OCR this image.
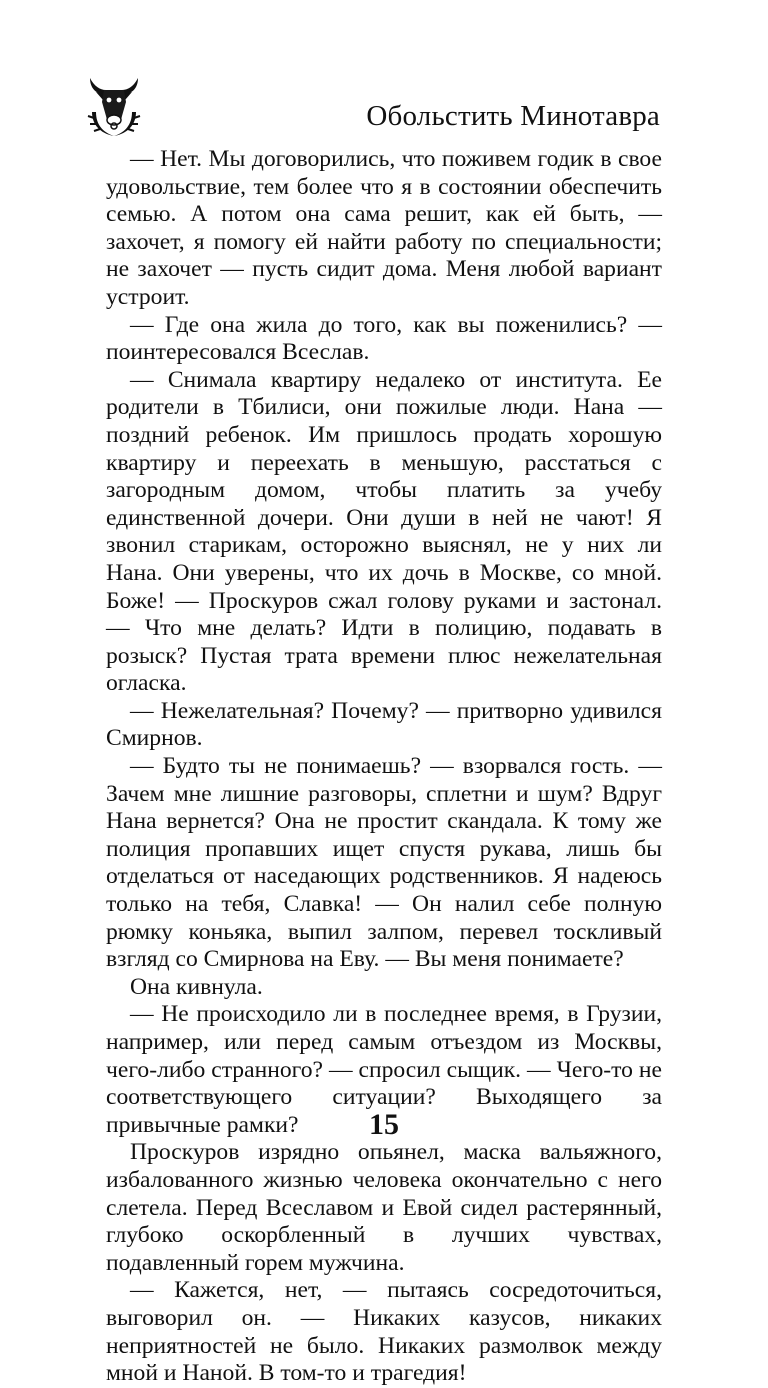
Обольстить Минотавра

— Нет. Мы договорились, что поживем годик в свое удовольствие, тем более что я в состоянии обеспечить семью. А потом она сама решит, как ей быть, — захочет, я помогу ей найти работу по специальности; не захочет — пусть сидит дома. Меня любой вариант устроит.

— Где она жила до того, как вы поженились? — поинтересовался Всеслав.

— Снимала квартиру недалеко от института. Ее родители в Тбилиси, они пожилые люди. Нана — поздний ребенок. Им пришлось продать хорошую квартиру и переехать в меньшую, расстаться с загородным домом, чтобы платить за учебу единственной дочери. Они души в ней не чают! Я звонил старикам, осторожно выяснял, не у них ли Нана. Они уверены, что их дочь в Москве, со мной. Боже! — Проскуров сжал голову руками и застонал. — Что мне делать? Идти в полицию, подавать в розыск? Пустая трата времени плюс нежелательная огласка.

— Нежелательная? Почему? — притворно удивился Смирнов.

— Будто ты не понимаешь? — взорвался гость. — Зачем мне лишние разговоры, сплетни и шум? Вдруг Нана вернется? Она не простит скандала. К тому же полиция пропавших ищет спустя рукава, лишь бы отделаться от наседающих родственников. Я надеюсь только на тебя, Славка! — Он налил себе полную рюмку коньяка, выпил залпом, перевел тоскливый взгляд со Смирнова на Еву. — Вы меня понимаете?

Она кивнула.

— Не происходило ли в последнее время, в Грузии, например, или перед самым отъездом из Москвы, чего-либо странного? — спросил сыщик. — Чего-то не соответствующего ситуации? Выходящего за привычные рамки?

Проскуров изрядно опьянел, маска вальяжного, избалованного жизнью человека окончательно с него слетела. Перед Всеславом и Евой сидел растерянный, глубоко оскорбленный в лучших чувствах, подавленный горем мужчина.

— Кажется, нет, — пытаясь сосредоточиться, выговорил он. — Никаких казусов, никаких неприятностей не было. Никаких размолвок между мной и Наной. В том-то и трагедия!

15
